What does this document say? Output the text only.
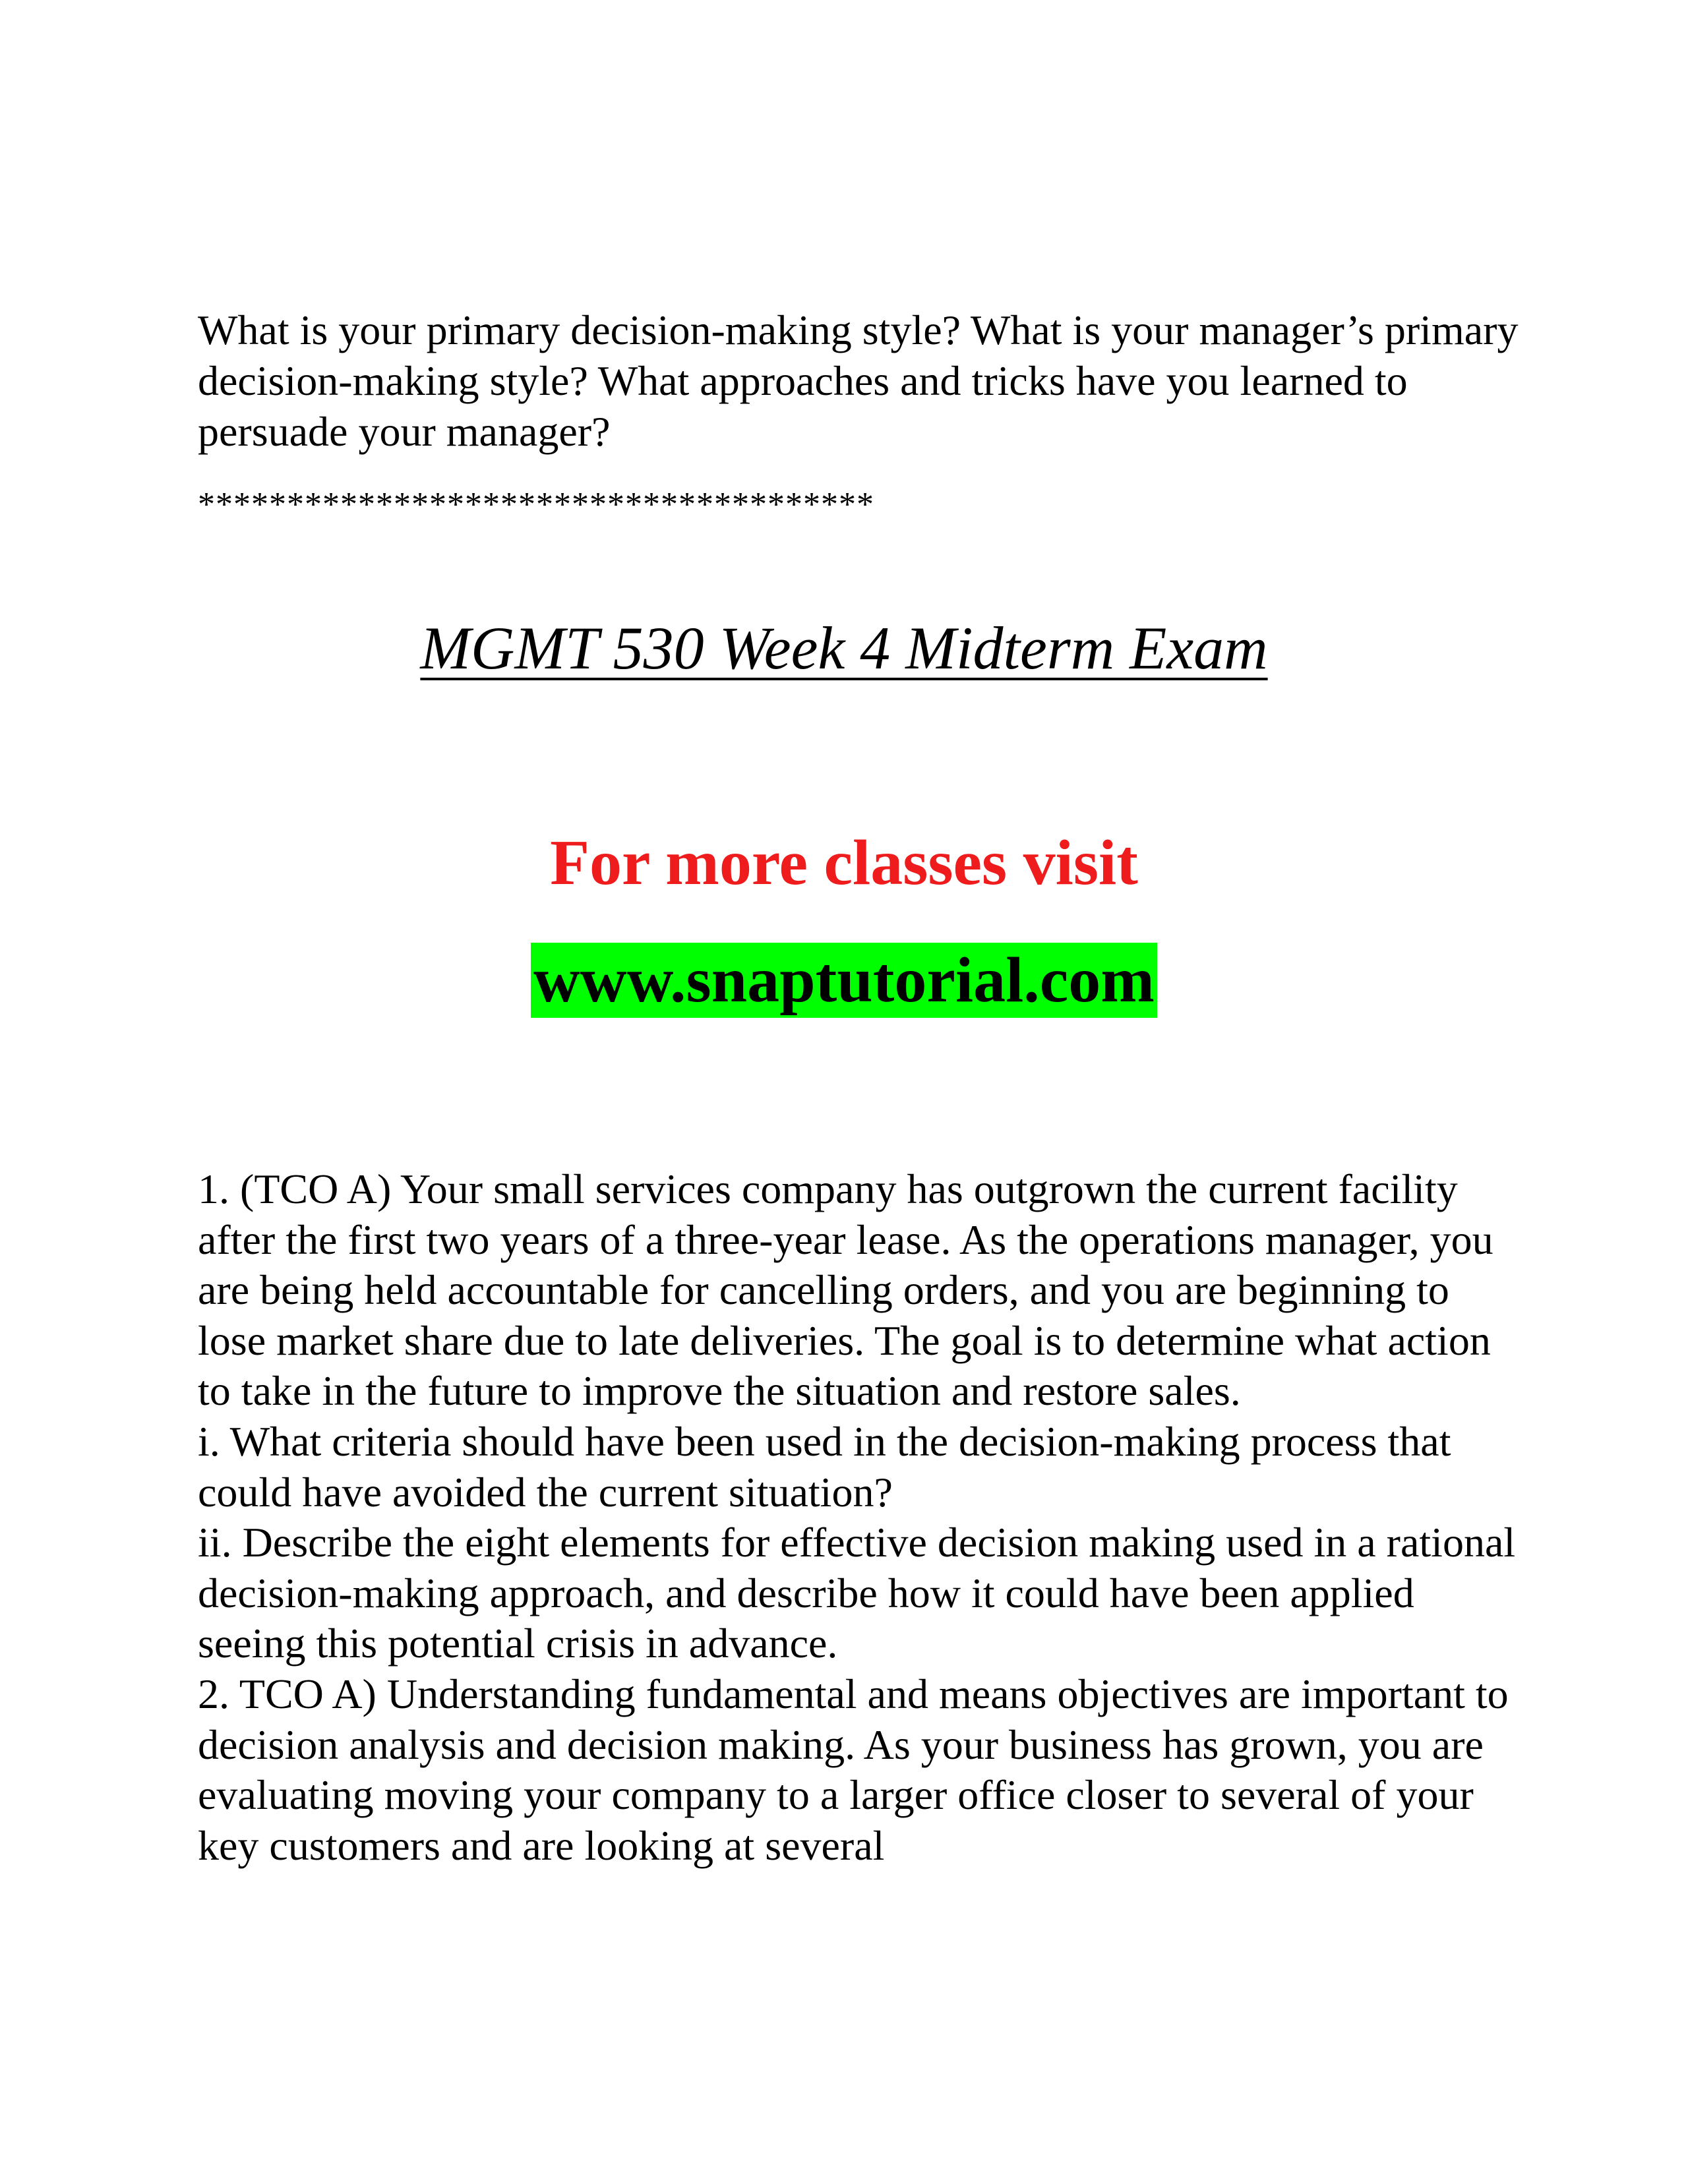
What is your primary decision-making style? What is your manager’s primary decision-making style? What approaches and tricks have you learned to persuade your manager?

**************************************
MGMT 530 Week 4 Midterm Exam
For more classes visit
www.snaptutorial.com

1. (TCO A) Your small services company has outgrown the current facility after the first two years of a three-year lease. As the operations manager, you are being held accountable for cancelling orders, and you are beginning to lose market share due to late deliveries. The goal is to determine what action to take in the future to improve the situation and restore sales.

i. What criteria should have been used in the decision-making process that could have avoided the current situation?

ii. Describe the eight elements for effective decision making used in a rational decision-making approach, and describe how it could have been applied seeing this potential crisis in advance.

2. TCO A) Understanding fundamental and means objectives are important to decision analysis and decision making. As your business has grown, you are evaluating moving your company to a larger office closer to several of your key customers and are looking at several
